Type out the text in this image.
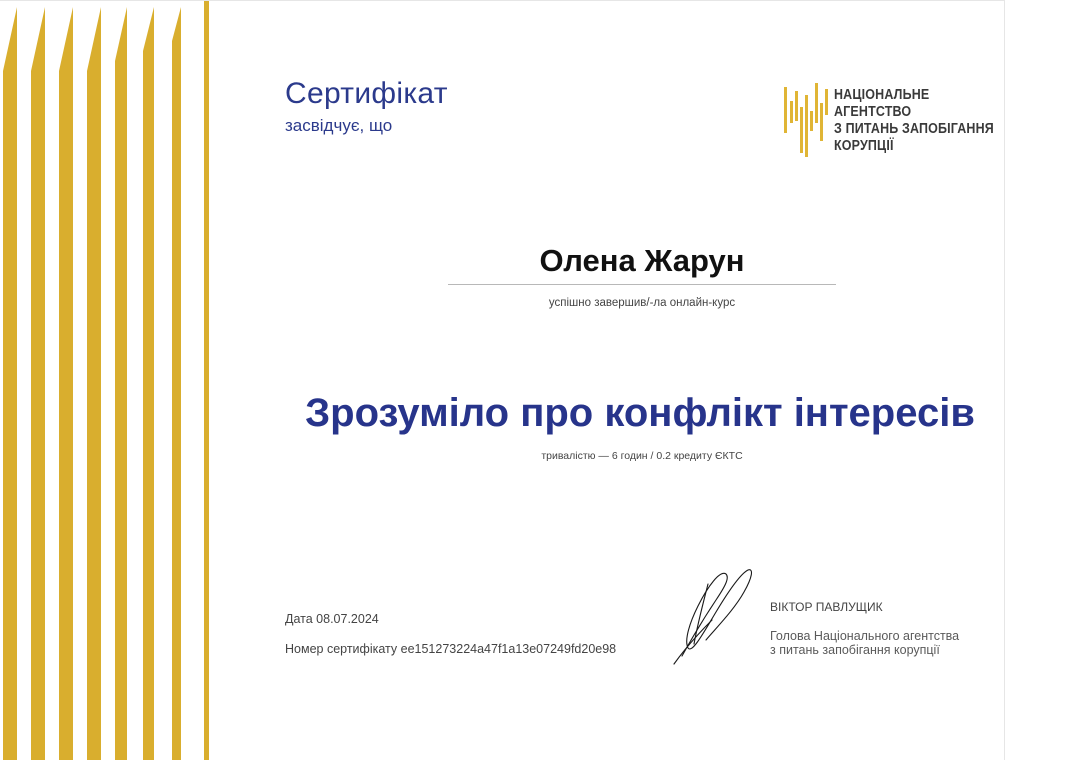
Сертифікат
засвідчує, що
НАЦІОНАЛЬНЕ АГЕНТСТВО
З ПИТАНЬ ЗАПОБІГАННЯ
КОРУПЦІЇ
Олена Жарун
успішно завершив/-ла онлайн-курс
Зрозуміло про конфлікт інтересів
тривалістю — 6 годин / 0.2 кредиту ЄКТС
Дата 08.07.2024
Номер сертифікату ee151273224a47f1a13e07249fd20e98
ВІКТОР ПАВЛУЩИК
Голова Національного агентства
з питань запобігання корупції
